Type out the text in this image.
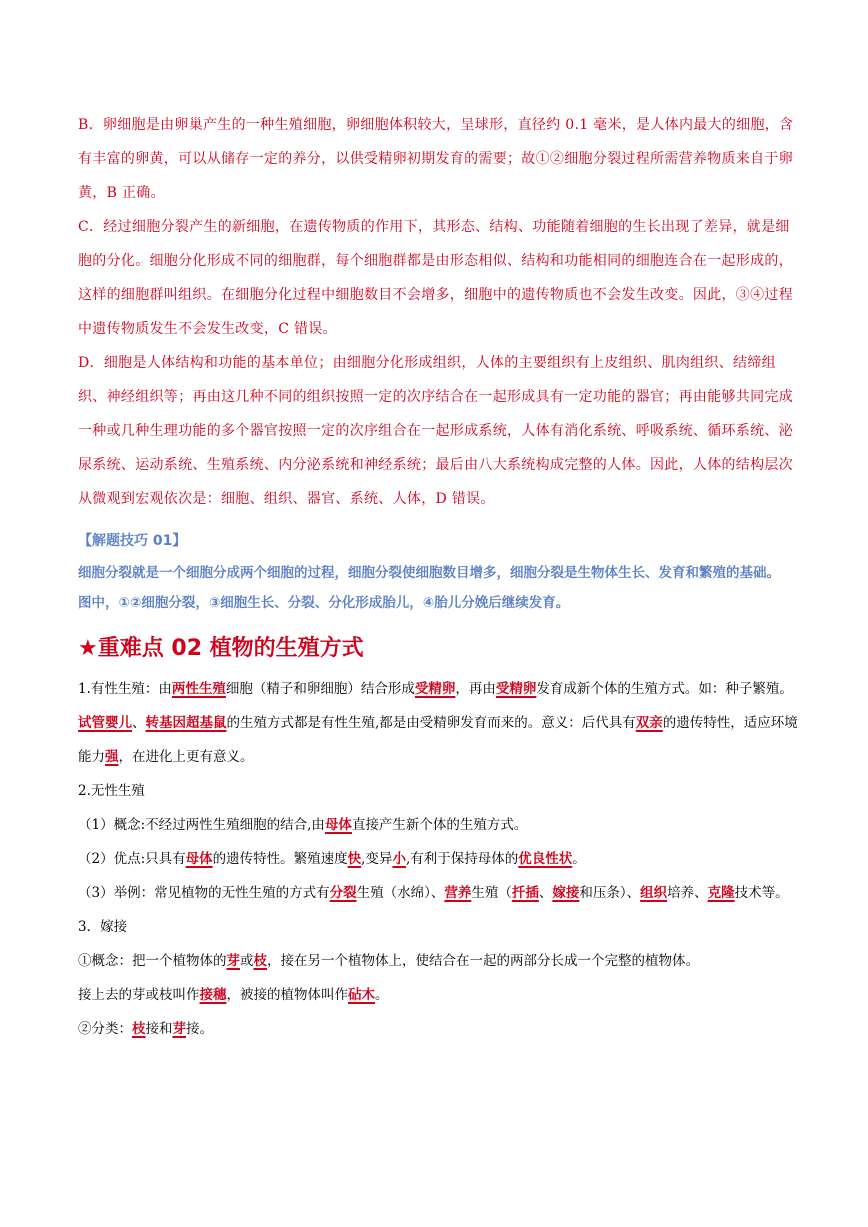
B．卵细胞是由卵巢产生的一种生殖细胞，卵细胞体积较大，呈球形，直径约 0.1 毫米，是人体内最大的细胞，含有丰富的卵黄，可以从储存一定的养分，以供受精卵初期发育的需要；故①②细胞分裂过程所需营养物质来自于卵黄，B 正确。

C．经过细胞分裂产生的新细胞，在遗传物质的作用下，其形态、结构、功能随着细胞的生长出现了差异，就是细胞的分化。细胞分化形成不同的细胞群，每个细胞群都是由形态相似、结构和功能相同的细胞连合在一起形成的，这样的细胞群叫组织。在细胞分化过程中细胞数目不会增多，细胞中的遗传物质也不会发生改变。因此，③④过程中遗传物质发生不会发生改变，C 错误。

D．细胞是人体结构和功能的基本单位；由细胞分化形成组织，人体的主要组织有上皮组织、肌肉组织、结缔组织、神经组织等；再由这几种不同的组织按照一定的次序结合在一起形成具有一定功能的器官；再由能够共同完成一种或几种生理功能的多个器官按照一定的次序组合在一起形成系统，人体有消化系统、呼吸系统、循环系统、泌尿系统、运动系统、生殖系统、内分泌系统和神经系统；最后由八大系统构成完整的人体。因此，人体的结构层次从微观到宏观依次是：细胞、组织、器官、系统、人体，D 错误。

【解题技巧 01】

细胞分裂就是一个细胞分成两个细胞的过程，细胞分裂使细胞数目增多，细胞分裂是生物体生长、发育和繁殖的基础。

图中，①②细胞分裂，③细胞生长、分裂、分化形成胎儿，④胎儿分娩后继续发育。

★重难点 02 植物的生殖方式

1.有性生殖：由两性生殖细胞（精子和卵细胞）结合形成受精卵，再由受精卵发育成新个体的生殖方式。如：种子繁殖。试管婴儿、转基因超基鼠的生殖方式都是有性生殖,都是由受精卵发育而来的。意义：后代具有双亲的遗传特性，适应环境能力强，在进化上更有意义。

2.无性生殖

（1）概念:不经过两性生殖细胞的结合,由母体直接产生新个体的生殖方式。

（2）优点:只具有母体的遗传特性。繁殖速度快,变异小,有利于保持母体的优良性状。

（3）举例：常见植物的无性生殖的方式有分裂生殖（水绵）、营养生殖（扦插、嫁接和压条）、组织培养、克隆技术等。

3．嫁接

①概念：把一个植物体的芽或枝，接在另一个植物体上，使结合在一起的两部分长成一个完整的植物体。

接上去的芽或枝叫作接穗，被接的植物体叫作砧木。

②分类：枝接和芽接。
